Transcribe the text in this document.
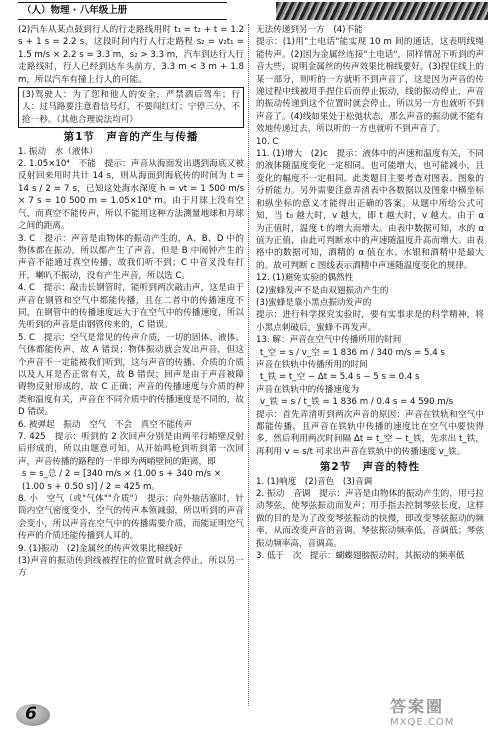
（人）物理 · 八年级上册

(2)汽车从某点鼓到行人的行走路线用时 t₁ = t₂ + t = 1.2 s + 1 s = 2.2 s，这段时间内行人行走路程 s₂ = v₂t₁ = 1.5 m/s × 2.2 s = 3.3 m，s₂ > 3.3 m，汽车到达行人行走路线时，行人已经到达车头前方，3.3 m < 3 m + 1.8 m，所以汽车有撞上行人的可能。

(3)驾驶人：为了您和他人的安全，严禁酒后驾车；行人：过马路要注意看信号灯，不要闯红灯；宁停三分，不抢一秒。（其他合理说法均可）

第1节　声音的产生与传播

1. 振动　水（液体）

2. 1.05×10⁴　不能　提示：声音从海面发出遇到海底又被反射回来用时共计 14 s，则从海面到海底传的时间为 t = 14 s / 2 = 7 s，已知这处海水深度 h = vt = 1 500 m/s × 7 s = 10 500 m = 1.05×10⁴ m。由于月球上没有空气，而真空不能传声，所以不能用这种方法测量地球和月球之间的距离。

3. C　提示：声音是由物体的振动产生的，A、B、D 中的物体都在振动，所以都产生了声音，但是 B 中闹钟产生的声音不能通过真空传播，故我们听不到；C 中音叉没有打开，喇叭不振动，没有产生声音，所以选 C。

4. C　提示：敲击长钢管时，能听到两次敲击声，这是由于声音在钢管和空气中都能传播，且在二者中的传播速度不同，在钢管中的传播速度远大于在空气中的传播速度，所以先听到的声音是由钢管传来的，C 错误。

5. C　提示：空气是常见的传声介质，一切的固体、液体、气体都能传声，故 A 错误；物体振动就会发出声音，但这个声音不一定能被我们听到，这与声音的传播、介质的介质以及人耳是否正常有关，故 B 错误；回声是由于声音被障碍物反射形成的，故 C 正确；声音的传播速度与介质的种类和温度有关，声音在不同介质中的传播速度是不同的，故 D 错误。

6. 被弹起　振动　空气　不会　真空不能传声

7. 425　提示：听到的 2 次回声分别是由两平行峭壁反射后形成的，所以由题意可知，从开始鸣枪到听到第一次回声，声音传播的路程的一半即为两峭壁间的距离，即

s = s_总 / 2 = [340 m/s × (1.00 s + 340 m/s × (1.00 s + 0.50 s)] / 2 = 425 m。

8. 小　空气（或"气体""介质"）　提示：向外抽活塞时，针筒内空气密度变小，空气的传声本领减弱，所以听到的声音会变小，所以声音在空气中的传播需要介质，而能证明空气传声的介质还能传播到人耳的。

9. (1)振动　(2)金属丝的传声效果比棉线好

(3)声音的振动传到线被捏住的位置时就会停止，所以另一方

无法传递到另一方　(4)不能

提示：(1)用"土电话"能实现 10 m 间的通话，这表明线绳能传声。(2)因为金属丝连接"土电话"，同样情况下听到的声音大些，说明金属丝的传声效果比棉线要好。(3)捏住线上的某一部分，则听的一方就听不到声音了，这是因为声音的传递过程中线被用手捏住后而停止振动，线的振动停止，声音的振动传递到这个位置时就会停止，所以另一方也就听不到声音了。(4)线如果处于松弛状态，那么声音的振动就不能有效地传递过去，所以听的一方也就听不到声音了。

10. C

11. (1)增大　(2)c　提示：液体中的声速和温度有关，不同的液体随温度变化一定相同。也可能增大，也可能减小，且变化的幅度不一定相同。此类题目主要考查对图表、图象的分析能力。另外需要注意弄清表中各数据以及图象中横坐标和纵坐标的意义才能得出正确的答案。从题中所给公式可知，当 t₀ 越大时，v 越大，即 t 越大时，v 越大。由于 α 为正值时，温度 t 的增大而增大。由表中数据可知，水的 α 值为正值，由此可判断水中的声速随温度升高而增大。由表格中的数据可知，酒精的 α 值在水、水银和酒精中是最大的。故可判断 c 图线表示酒精中声速随温度变化的规律。

12. (1)避免实验的偶然性

(2)蜜蜂发声不是由双翅振动产生的

(3)蜜蜂是靠小黑点振动发声的

提示：进行科学探究实验时，要有实事求是的科学精神，将小黑点刺破后，蜜蜂不再发声。

13. 解：声音在空气中传播所用的时间

t_空 = s / v_空 = 1 836 m / 340 m/s = 5.4 s

声音在铁轨中传播所用的时间

t_铁 = t_空 − Δt = 5.4 s − 5 s = 0.4 s

声音在铁轨中的传播速度为

v_铁 = s / t_铁 = 1 836 m / 0.4 s = 4 590 m/s

提示：首先弄清听到两次声音的原因：声音在铁轨和空气中都能传播，且声音在铁轨中传播的速度比在空气中要快得多，然后利用两次时间隔 Δt = t_空 − t_铁，先求出 t_铁，再利用 v = s/t 可求出声音在铁轨中的传播速度 v_铁。

第2节　声音的特性

1. (1)响度　(2)音色　(3)音调

2. 振动　音调　提示：声音是由物体的振动产生的，用弓拉动琴弦，使琴弦振动而发声；用手指去控制琴弦长度，这样做的目的是为了改变琴弦振动的快慢，即改变琴弦振动的频率，从而改变声音的音调。琴弦振动频率低，音调低；琴弦振动频率高，音调高。

3. 低于　次　提示：蝴蝶翅膀振动时，其振动的频率低

6	答案圈
MXQE.COM
